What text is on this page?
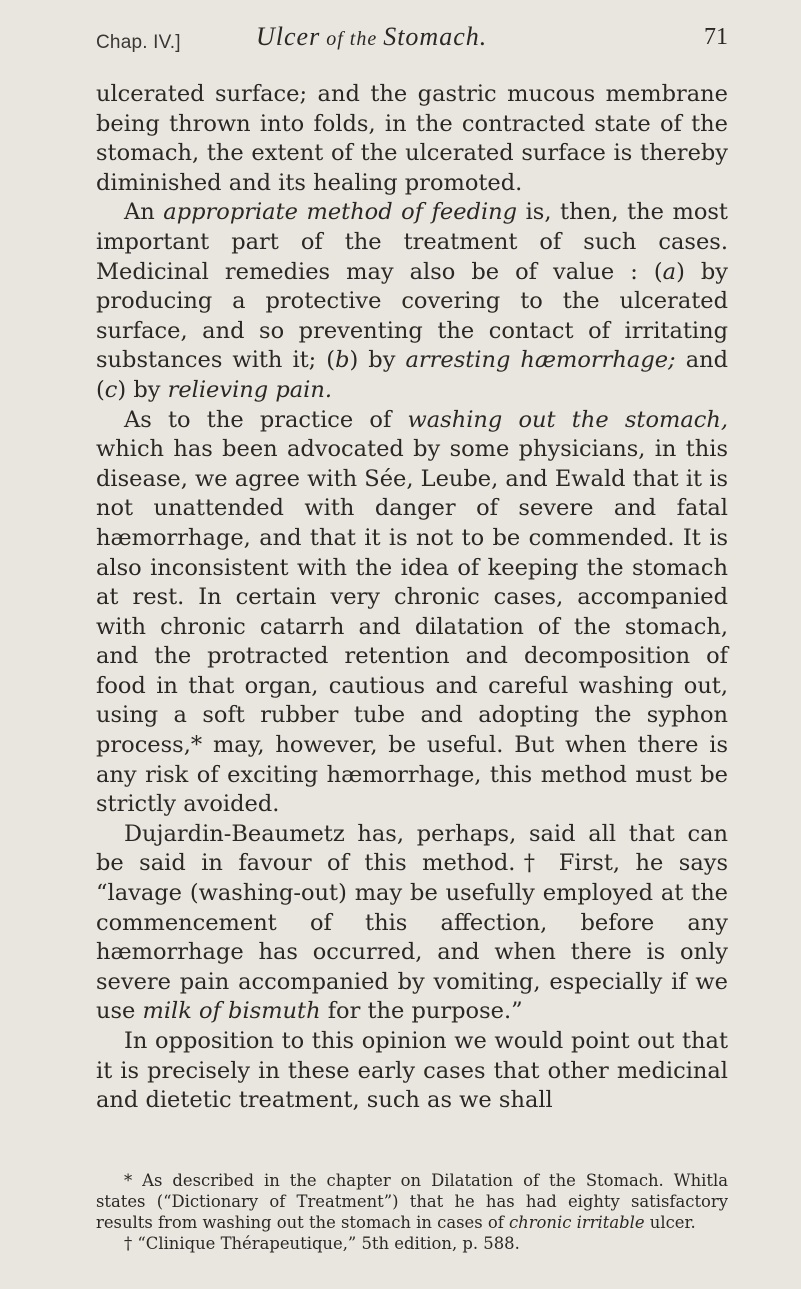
Chap. IV.]	Ulcer of the Stomach.	71

ulcerated surface; and the gastric mucous membrane being thrown into folds, in the contracted state of the stomach, the extent of the ulcerated surface is thereby diminished and its healing promoted.

An appropriate method of feeding is, then, the most important part of the treatment of such cases. Medicinal remedies may also be of value : (a) by producing a protective covering to the ulcerated surface, and so preventing the contact of irritating substances with it; (b) by arresting hæmorrhage; and (c) by relieving pain.

As to the practice of washing out the stomach, which has been advocated by some physicians, in this disease, we agree with Sée, Leube, and Ewald that it is not unattended with danger of severe and fatal hæmorrhage, and that it is not to be commended. It is also inconsistent with the idea of keeping the stomach at rest. In certain very chronic cases, accompanied with chronic catarrh and dilatation of the stomach, and the protracted retention and decomposition of food in that organ, cautious and careful washing out, using a soft rubber tube and adopting the syphon process,* may, however, be useful. But when there is any risk of exciting hæmorrhage, this method must be strictly avoided.

Dujardin-Beaumetz has, perhaps, said all that can be said in favour of this method.† First, he says “lavage (washing-out) may be usefully employed at the commencement of this affection, before any hæmorrhage has occurred, and when there is only severe pain accompanied by vomiting, especially if we use milk of bismuth for the purpose.”

In opposition to this opinion we would point out that it is precisely in these early cases that other medicinal and dietetic treatment, such as we shall

* As described in the chapter on Dilatation of the Stomach. Whitla states (“Dictionary of Treatment”) that he has had eighty satisfactory results from washing out the stomach in cases of chronic irritable ulcer.

† “Clinique Thérapeutique,” 5th edition, p. 588.
